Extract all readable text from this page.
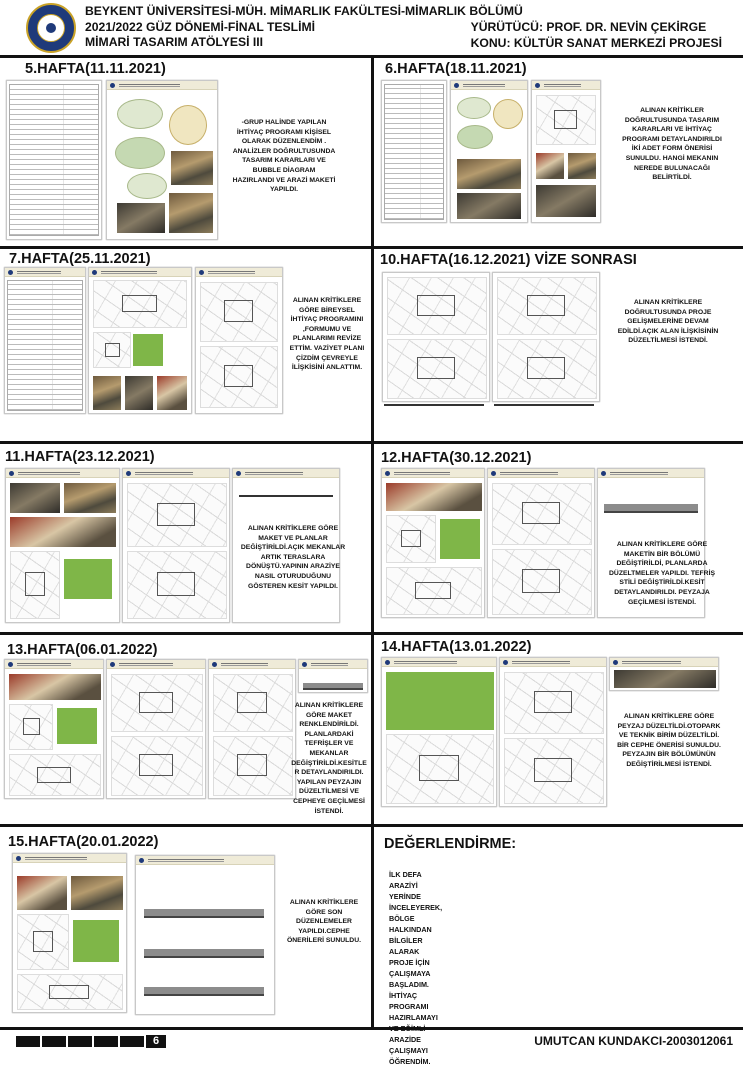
BEYKENT ÜNİVERSİTESİ-MÜH. MİMARLIK FAKÜLTESİ-MİMARLIK BÖLÜMÜ
2021/2022 GÜZ DÖNEMİ-FİNAL TESLİMİ
MİMARİ TASARIM ATÖLYESİ III
YÜRÜTÜCÜ: PROF. DR. NEVİN ÇEKİRGE
KONU: KÜLTÜR SANAT MERKEZİ PROJESİ
5.HAFTA(11.11.2021)
-GRUP HALİNDE YAPILAN İHTİYAÇ PROGRAMI KİŞİSEL OLARAK DÜZENLENDİM . ANALİZLER DOĞRULTUSUNDA TASARIM KARARLARI VE BUBBLE DİAGRAM HAZIRLANDI VE ARAZİ MAKETİ YAPILDI.
6.HAFTA(18.11.2021)
ALINAN KRİTİKLER DOĞRULTUSUNDA TASARIM KARARLARI VE İHTİYAÇ PROGRAMI DETAYLANDIRILDI İKİ ADET FORM ÖNERİSİ SUNULDU. HANGİ MEKANIN NEREDE BULUNACAĞI BELİRTİLDİ.
7.HAFTA(25.11.2021)
ALINAN KRİTİKLERE GÖRE BİREYSEL İHTİYAÇ PROGRAMINI ,FORMUMU VE PLANLARIMI REVİZE ETTİM. VAZİYET PLANI ÇİZDİM ÇEVREYLE İLİŞKİSİNİ ANLATTIM.
10.HAFTA(16.12.2021) VİZE SONRASI
ALINAN KRİTİKLERE DOĞRULTUSUNDA PROJE GELİŞMELERİNE DEVAM EDİLDİ.AÇIK ALAN İLİŞKİSİNİN DÜZELTİLMESİ İSTENDİ.
11.HAFTA(23.12.2021)
ALINAN KRİTİKLERE GÖRE MAKET VE PLANLAR DEĞİŞTİRİLDİ.AÇIK MEKANLAR ARTIK TERASLARA DÖNÜŞTÜ.YAPININ ARAZİYE NASIL OTURUDUĞUNU GÖSTEREN KESİT YAPILDI.
12.HAFTA(30.12.2021)
ALINAN KRİTİKLERE GÖRE MAKETİN BİR BÖLÜMÜ DEĞİŞTİRİLDİ, PLANLARDA DÜZELTMELER YAPILDI. TEFRİŞ STİLİ DEĞİŞTİRİLDİ.KESİT DETAYLANDIRILDI. PEYZAJA GEÇİLMESİ İSTENDİ.
13.HAFTA(06.01.2022)
ALINAN KRİTİKLERE GÖRE MAKET RENKLENDİRİLDİ. PLANLARDAKİ TEFRİŞLER VE MEKANLAR DEĞİŞTİRİLDİ.KESİTLE R DETAYLANDIRILDI. YAPILAN PEYZAJIN DÜZELTİLMESİ VE CEPHEYE GEÇİLMESİ İSTENDİ.
14.HAFTA(13.01.2022)
ALINAN KRİTİKLERE GÖRE PEYZAJ DÜZELTİLDİ.OTOPARK VE TEKNİK BİRİM DÜZELTİLDİ. BİR CEPHE ÖNERİSİ SUNULDU. PEYZAJIN BİR BÖLÜMÜNÜN DEĞİŞTİRİLMESİ İSTENDİ.
15.HAFTA(20.01.2022)
ALINAN KRİTİKLERE GÖRE SON DÜZENLEMELER YAPILDI.CEPHE ÖNERİLERİ SUNULDU.
DEĞERLENDİRME:
İLK DEFA ARAZİYİ YERİNDE İNCELEYEREK, BÖLGE HALKINDAN BİLGİLER ALARAK PROJE İÇİN ÇALIŞMAYA BAŞLADIM.
İHTİYAÇ PROGRAMI HAZIRLAMAYI VE EĞİMLİ ARAZİDE ÇALIŞMAYI ÖĞRENDİM.
6	UMUTCAN KUNDAKCI-2003012061
